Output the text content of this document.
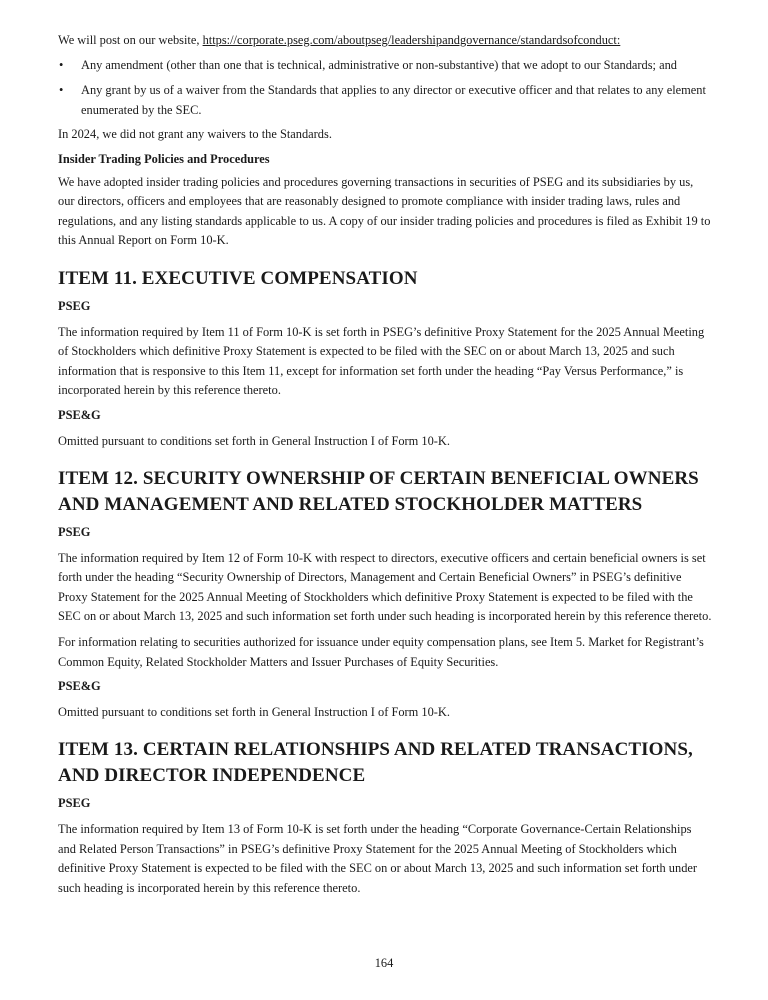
We will post on our website, https://corporate.pseg.com/aboutpseg/leadershipandgovernance/standardsofconduct:

• Any amendment (other than one that is technical, administrative or non-substantive) that we adopt to our Standards; and
• Any grant by us of a waiver from the Standards that applies to any director or executive officer and that relates to any element enumerated by the SEC.

In 2024, we did not grant any waivers to the Standards.

Insider Trading Policies and Procedures

We have adopted insider trading policies and procedures governing transactions in securities of PSEG and its subsidiaries by us, our directors, officers and employees that are reasonably designed to promote compliance with insider trading laws, rules and regulations, and any listing standards applicable to us. A copy of our insider trading policies and procedures is filed as Exhibit 19 to this Annual Report on Form 10-K.

ITEM 11. EXECUTIVE COMPENSATION
PSEG

The information required by Item 11 of Form 10-K is set forth in PSEG’s definitive Proxy Statement for the 2025 Annual Meeting of Stockholders which definitive Proxy Statement is expected to be filed with the SEC on or about March 13, 2025 and such information that is responsive to this Item 11, except for information set forth under the heading “Pay Versus Performance,” is incorporated herein by this reference thereto.

PSE&G

Omitted pursuant to conditions set forth in General Instruction I of Form 10-K.

ITEM 12. SECURITY OWNERSHIP OF CERTAIN BENEFICIAL OWNERS AND MANAGEMENT AND RELATED STOCKHOLDER MATTERS
PSEG

The information required by Item 12 of Form 10-K with respect to directors, executive officers and certain beneficial owners is set forth under the heading “Security Ownership of Directors, Management and Certain Beneficial Owners” in PSEG’s definitive Proxy Statement for the 2025 Annual Meeting of Stockholders which definitive Proxy Statement is expected to be filed with the SEC on or about March 13, 2025 and such information set forth under such heading is incorporated herein by this reference thereto.

For information relating to securities authorized for issuance under equity compensation plans, see Item 5. Market for Registrant’s Common Equity, Related Stockholder Matters and Issuer Purchases of Equity Securities.

PSE&G

Omitted pursuant to conditions set forth in General Instruction I of Form 10-K.

ITEM 13. CERTAIN RELATIONSHIPS AND RELATED TRANSACTIONS, AND DIRECTOR INDEPENDENCE
PSEG

The information required by Item 13 of Form 10-K is set forth under the heading “Corporate Governance-Certain Relationships and Related Person Transactions” in PSEG’s definitive Proxy Statement for the 2025 Annual Meeting of Stockholders which definitive Proxy Statement is expected to be filed with the SEC on or about March 13, 2025 and such information set forth under such heading is incorporated herein by this reference thereto.

164
